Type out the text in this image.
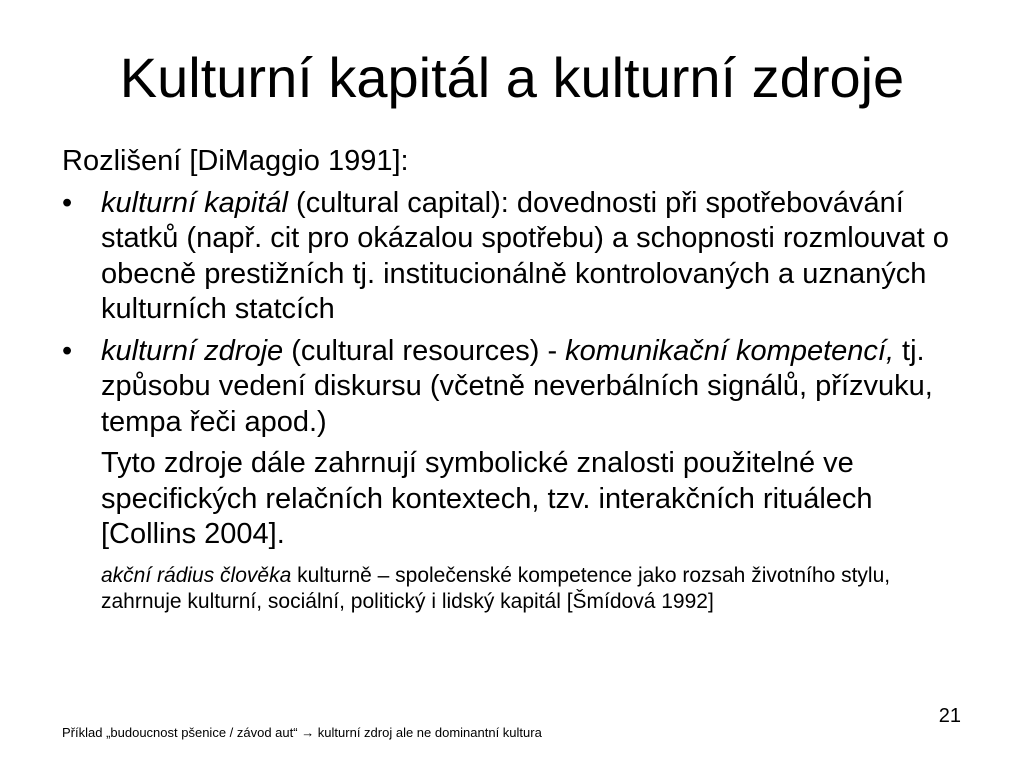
Kulturní kapitál a kulturní zdroje

Rozlišení [DiMaggio 1991]:

• kulturní kapitál (cultural capital): dovednosti při spotřebovávání statků (např. cit pro okázalou spotřebu) a schopnosti rozmlouvat o obecně prestižních tj. institucionálně kontrolovaných a uznaných kulturních statcích
• kulturní zdroje (cultural resources) - komunikační kompetencí, tj. způsobu vedení diskursu (včetně neverbálních signálů, přízvuku, tempa řeči apod.)

Tyto zdroje dále zahrnují symbolické znalosti použitelné ve specifických relačních kontextech, tzv. interakčních rituálech [Collins 2004].

akční rádius člověka kulturně – společenské kompetence jako rozsah životního stylu, zahrnuje kulturní, sociální, politický i lidský kapitál [Šmídová 1992]

21
Příklad „budoucnost pšenice / závod aut“ → kulturní zdroj ale ne dominantní kultura
